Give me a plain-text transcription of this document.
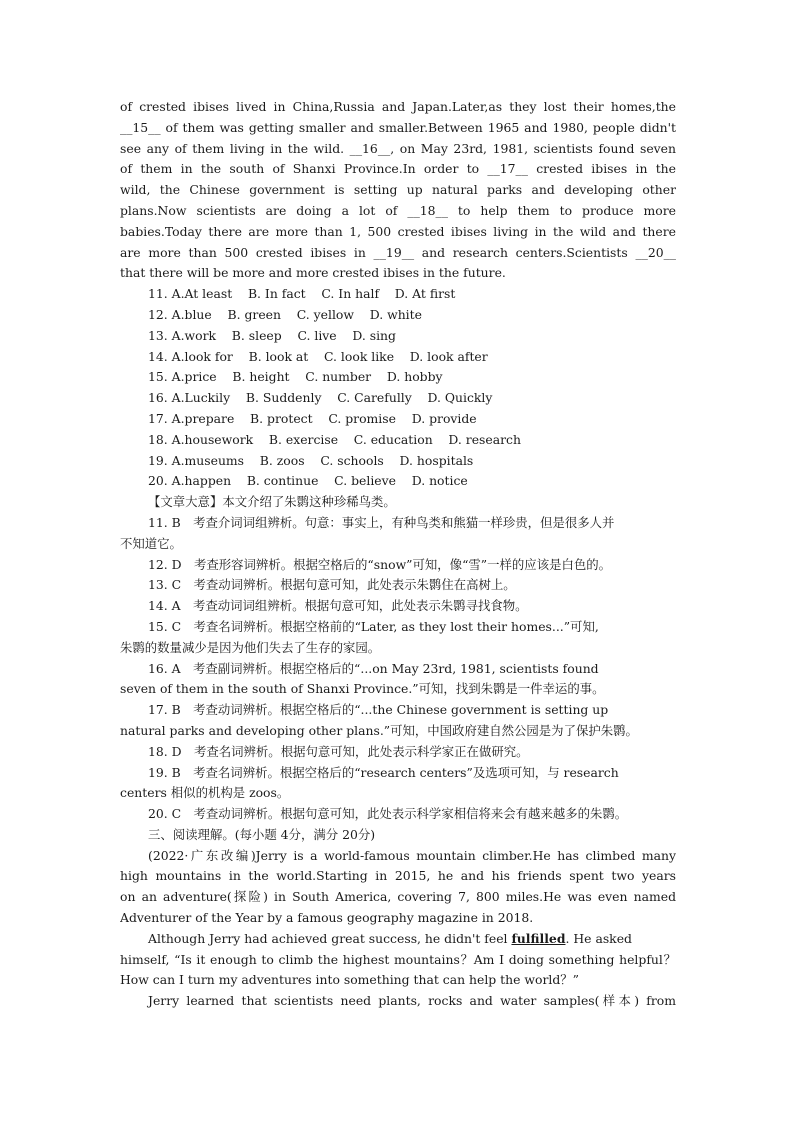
of crested ibises lived in China,Russia and Japan.Later,as they lost their homes,the
__15__ of them was getting smaller and smaller.Between 1965 and 1980, people didn't
see any of them living in the wild. __16__, on May 23rd, 1981, scientists found seven
of them in the south of Shanxi Province.In order to __17__ crested ibises in the
wild, the Chinese government is setting up natural parks and developing other
plans.Now scientists are doing a lot of __18__ to help them to produce more
babies.Today there are more than 1, 500 crested ibises living in the wild and there
are more than 500 crested ibises in __19__ and research centers.Scientists __20__
that there will be more and more crested ibises in the future.
11. A.At least    B. In fact    C. In half    D. At first
12. A.blue    B. green    C. yellow    D. white
13. A.work    B. sleep    C. live    D. sing
14. A.look for    B. look at    C. look like    D. look after
15. A.price    B. height    C. number    D. hobby
16. A.Luckily    B. Suddenly    C. Carefully    D. Quickly
17. A.prepare    B. protect    C. promise    D. provide
18. A.housework    B. exercise    C. education    D. research
19. A.museums    B. zoos    C. schools    D. hospitals
20. A.happen    B. continue    C. believe    D. notice
【文章大意】本文介绍了朱鹮这种珍稀鸟类。
11. B　考查介词词组辨析。句意：事实上，有种鸟类和熊猫一样珍贵，但是很多人并
不知道它。
12. D　考查形容词辨析。根据空格后的“snow”可知，像“雪”一样的应该是白色的。
13. C　考查动词辨析。根据句意可知，此处表示朱鹮住在高树上。
14. A　考查动词词组辨析。根据句意可知，此处表示朱鹮寻找食物。
15. C　考查名词辨析。根据空格前的“Later, as they lost their homes...”可知,
朱鹮的数量减少是因为他们失去了生存的家园。
16. A　考查副词辨析。根据空格后的“...on May 23rd, 1981, scientists found
seven of them in the south of Shanxi Province.”可知，找到朱鹮是一件幸运的事。
17. B　考查动词辨析。根据空格后的“...the Chinese government is setting up
natural parks and developing other plans.”可知，中国政府建自然公园是为了保护朱鹮。
18. D　考查名词辨析。根据句意可知，此处表示科学家正在做研究。
19. B　考查名词辨析。根据空格后的“research centers”及选项可知，与 research
centers 相似的机构是 zoos。
20. C　考查动词辨析。根据句意可知，此处表示科学家相信将来会有越来越多的朱鹮。
三、阅读理解。(每小题 4分，满分 20分)
(2022·广东改编)Jerry is a world-famous mountain climber.He has climbed many
high mountains in the world.Starting in 2015, he and his friends spent two years
on an adventure(探险) in South America, covering 7, 800 miles.He was even named
Adventurer of the Year by a famous geography magazine in 2018.
Although Jerry had achieved great success, he didn't feel fulfilled. He asked
himself, “Is it enough to climb the highest mountains？Am I doing something helpful？
How can I turn my adventures into something that can help the world？”
Jerry learned that scientists need plants, rocks and water samples(样本) from
